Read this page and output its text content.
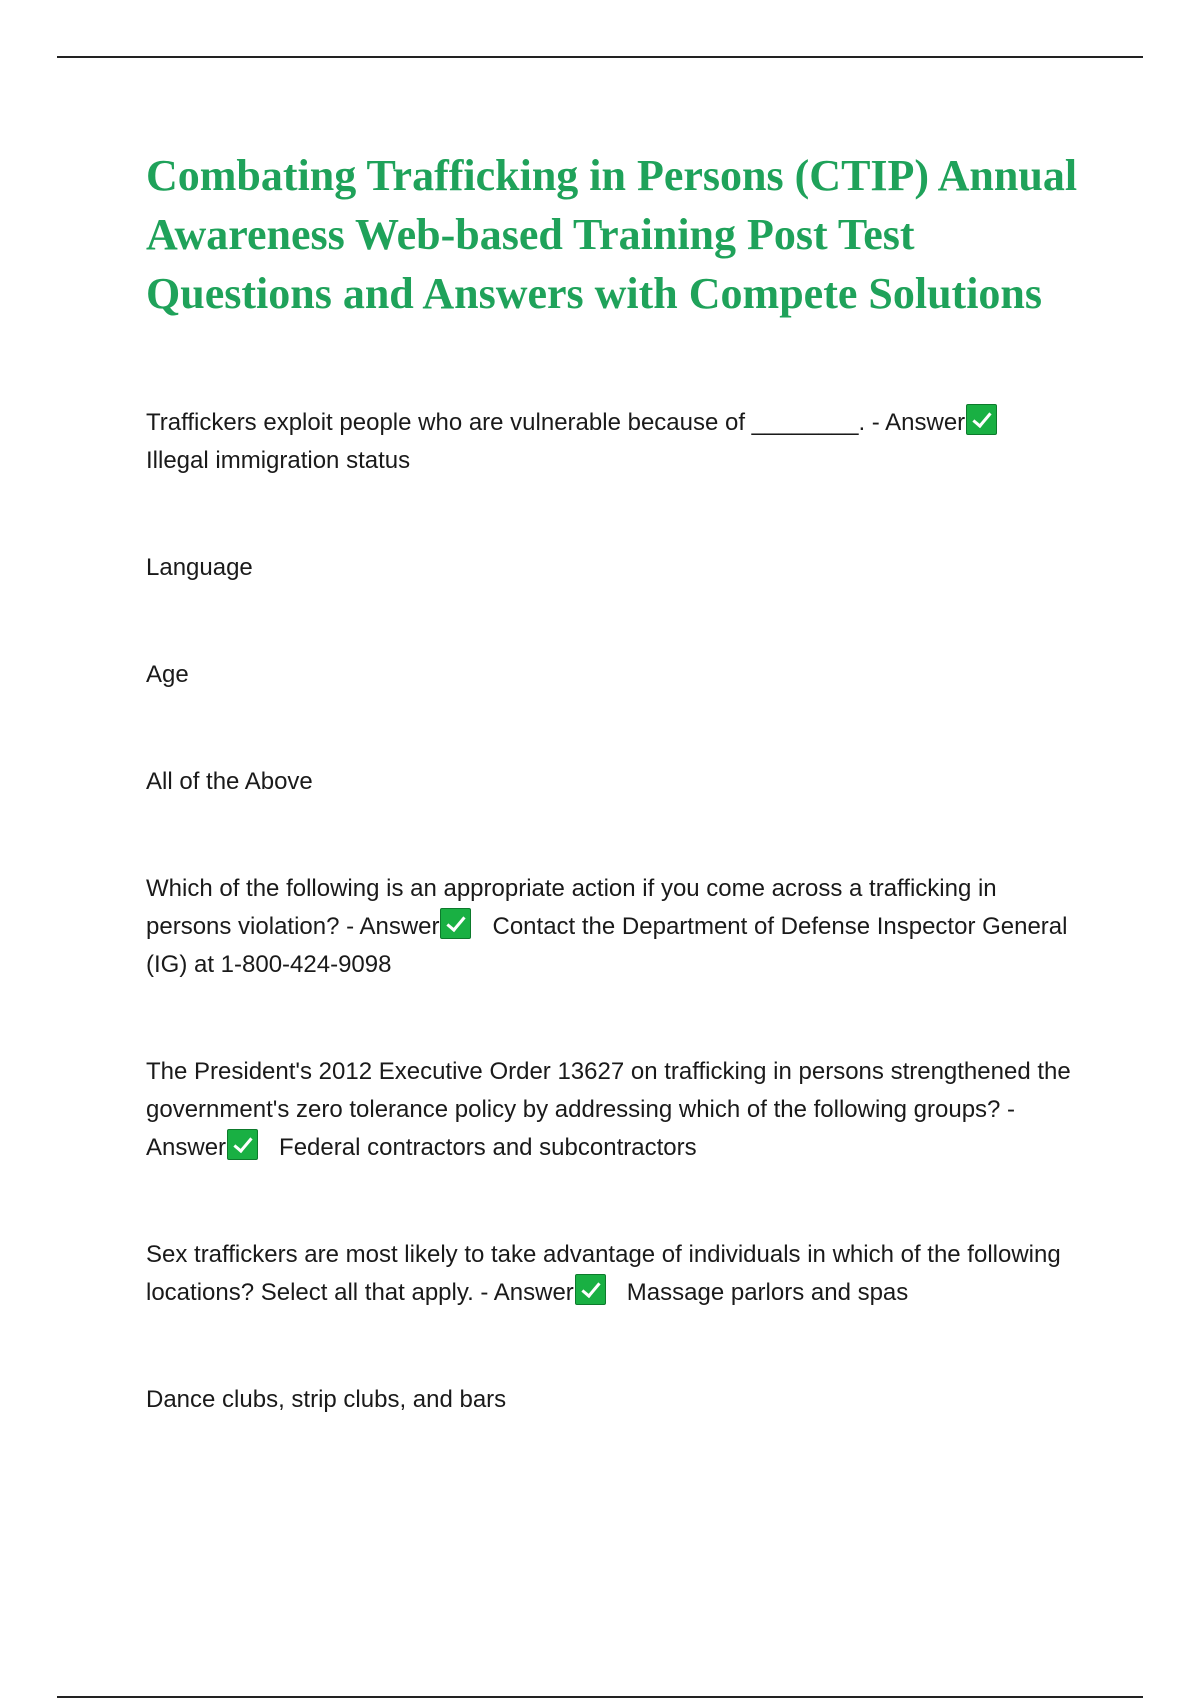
Combating Trafficking in Persons (CTIP) Annual Awareness Web-based Training Post Test Questions and Answers with Compete Solutions

Traffickers exploit people who are vulnerable because of ________. - Answer
Illegal immigration status

Language

Age

All of the Above

Which of the following is an appropriate action if you come across a trafficking in persons violation? - Answer Contact the Department of Defense Inspector General (IG) at 1-800-424-9098

The President's 2012 Executive Order 13627 on trafficking in persons strengthened the government's zero tolerance policy by addressing which of the following groups? - Answer Federal contractors and subcontractors

Sex traffickers are most likely to take advantage of individuals in which of the following locations? Select all that apply. - Answer Massage parlors and spas

Dance clubs, strip clubs, and bars
